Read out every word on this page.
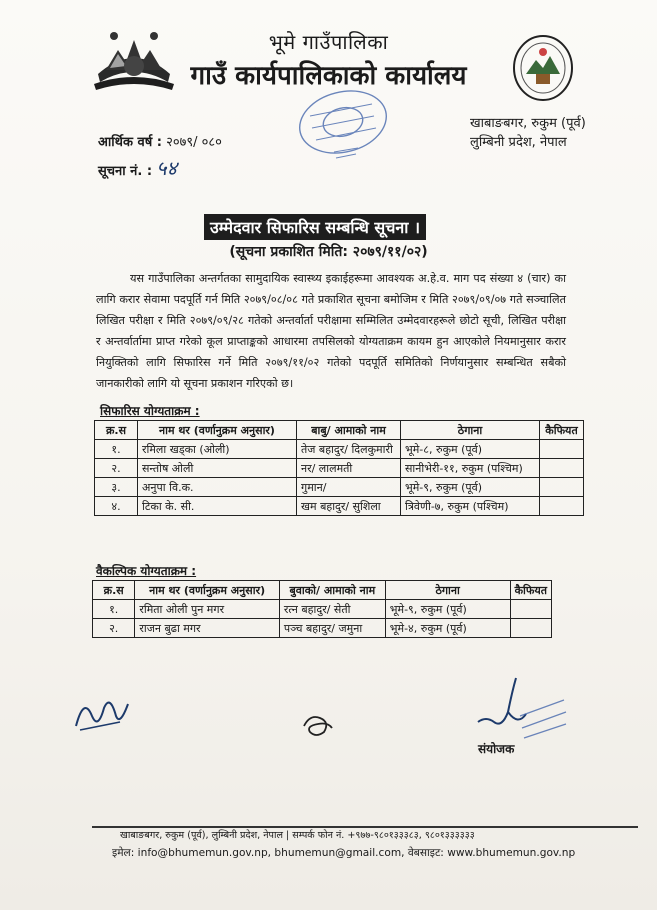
भूमे गाउँपालिका
गाउँ कार्यपालिकाको कार्यालय
खाबाङबगर, रुकुम (पूर्व)
लुम्बिनी प्रदेश, नेपाल
आर्थिक वर्ष : २०७९/ ०८०
सूचना नं. : ५४
उम्मेदवार सिफारिस सम्बन्धि सूचना ।
(सूचना प्रकाशित मिति: २०७९/११/०२)
यस गाउँपालिका अन्तर्गतका सामुदायिक स्वास्थ्य इकाईहरूमा आवश्यक अ.हे.व. माग पद संख्या ४ (चार) का लागि करार सेवामा पदपूर्ति गर्न मिति २०७९/०८/०८ गते प्रकाशित सूचना बमोजिम र मिति २०७९/०९/०७ गते सञ्चालित लिखित परीक्षा र मिति २०७९/०९/२८ गतेको अन्तर्वार्ता परीक्षामा सम्मिलित उम्मेदवारहरूले छोटो सूची, लिखित परीक्षा र अन्तर्वार्तामा प्राप्त गरेको कूल प्राप्ताङ्कको आधारमा तपसिलको योग्यताक्रम कायम हुन आएकोले नियमानुसार करार नियुक्तिको लागि सिफारिस गर्ने मिति २०७९/११/०२ गतेको पदपूर्ति समितिको निर्णयानुसार सम्बन्धित सबैको जानकारीको लागि यो सूचना प्रकाशन गरिएको छ।
सिफारिस योग्यताक्रम :
क्र.स	नाम थर (वर्णानुक्रम अनुसार)	बाबु/ आमाको नाम	ठेगाना	कैफियत
१.	रमिला खड्का (ओली)	तेज बहादुर/ दिलकुमारी	भूमे-८, रुकुम (पूर्व)	
२.	सन्तोष ओली	नर/ लालमती	सानीभेरी-११, रुकुम (पश्चिम)	
३.	अनुपा वि.क.	गुमान/	भूमे-९, रुकुम (पूर्व)	
४.	टिका के. सी.	खम बहादुर/ सुशिला	त्रिवेणी-७, रुकुम (पश्चिम)	
वैकल्पिक योग्यताक्रम :
क्र.स	नाम थर (वर्णानुक्रम अनुसार)	बुवाको/ आमाको नाम	ठेगाना	कैफियत
१.	रमिता ओली पुन मगर	रत्न बहादुर/ सेती	भूमे-९, रुकुम (पूर्व)	
२.	राजन बुढा मगर	पञ्च बहादुर/ जमुना	भूमे-४, रुकुम (पूर्व)	
संयोजक
खाबाङबगर, रुकुम (पूर्व), लुम्बिनी प्रदेश, नेपाल | सम्पर्क फोन नं. +९७७-९८०१३३३८३, ९८०१३३३३३३
इमेल: info@bhumemun.gov.np, bhumemun@gmail.com, वेबसाइट: www.bhumemun.gov.np
